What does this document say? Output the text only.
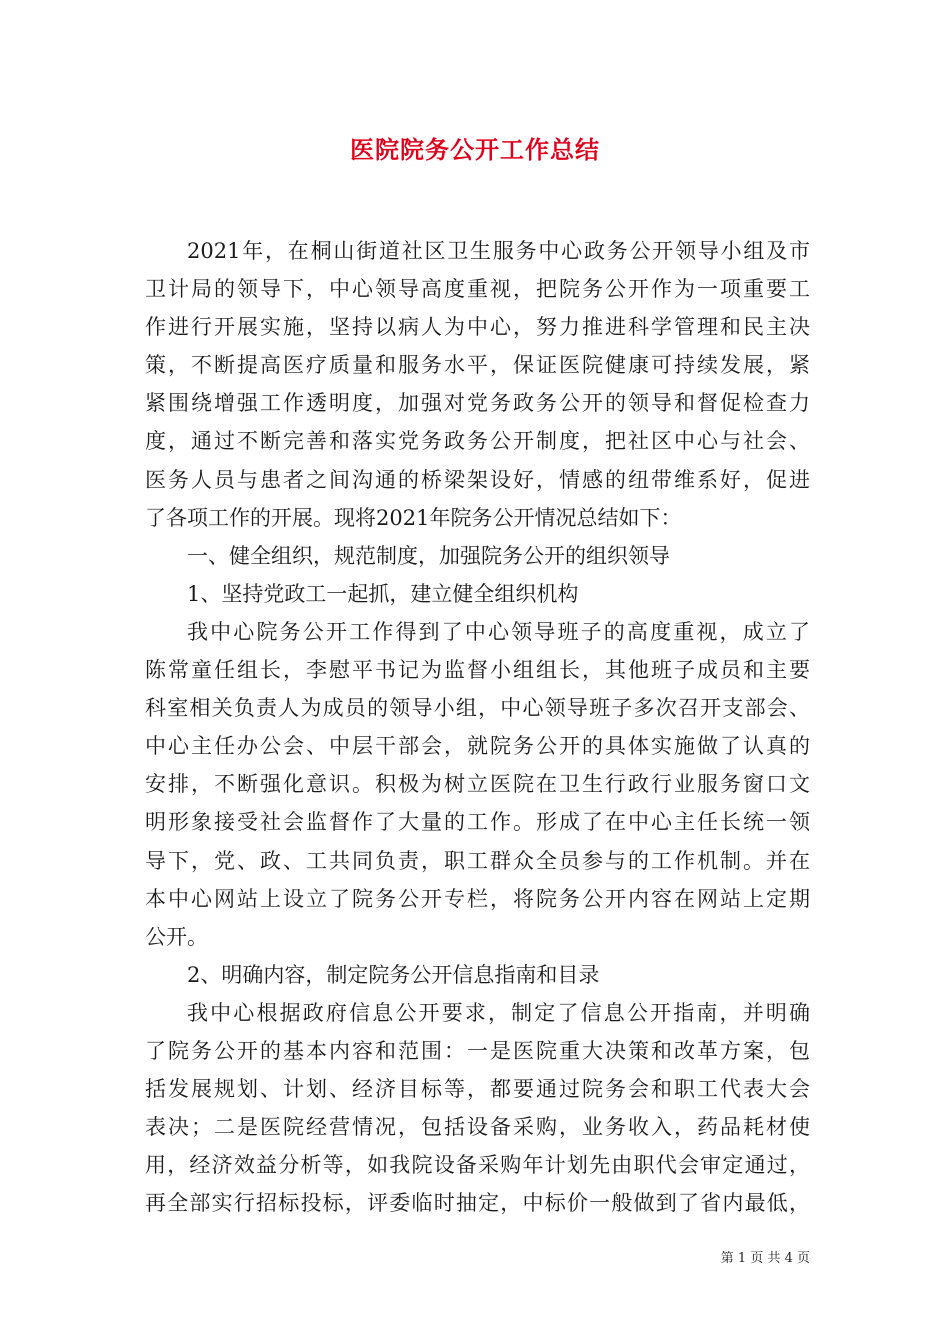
医院院务公开工作总结
2021年，在桐山街道社区卫生服务中心政务公开领导小组及市
卫计局的领导下，中心领导高度重视，把院务公开作为一项重要工
作进行开展实施，坚持以病人为中心，努力推进科学管理和民主决
策，不断提高医疗质量和服务水平，保证医院健康可持续发展，紧
紧围绕增强工作透明度，加强对党务政务公开的领导和督促检查力
度，通过不断完善和落实党务政务公开制度，把社区中心与社会、
医务人员与患者之间沟通的桥梁架设好，情感的纽带维系好，促进
了各项工作的开展。现将2021年院务公开情况总结如下：
一、健全组织，规范制度，加强院务公开的组织领导
1、坚持党政工一起抓，建立健全组织机构
我中心院务公开工作得到了中心领导班子的高度重视，成立了
陈常童任组长，李慰平书记为监督小组组长，其他班子成员和主要
科室相关负责人为成员的领导小组，中心领导班子多次召开支部会、
中心主任办公会、中层干部会，就院务公开的具体实施做了认真的
安排，不断强化意识。积极为树立医院在卫生行政行业服务窗口文
明形象接受社会监督作了大量的工作。形成了在中心主任长统一领
导下，党、政、工共同负责，职工群众全员参与的工作机制。并在
本中心网站上设立了院务公开专栏，将院务公开内容在网站上定期
公开。
2、明确内容，制定院务公开信息指南和目录
我中心根据政府信息公开要求，制定了信息公开指南，并明确
了院务公开的基本内容和范围：一是医院重大决策和改革方案，包
括发展规划、计划、经济目标等，都要通过院务会和职工代表大会
表决；二是医院经营情况，包括设备采购，业务收入，药品耗材使
用，经济效益分析等，如我院设备采购年计划先由职代会审定通过，
再全部实行招标投标，评委临时抽定，中标价一般做到了省内最低，
第 1 页 共 4 页
